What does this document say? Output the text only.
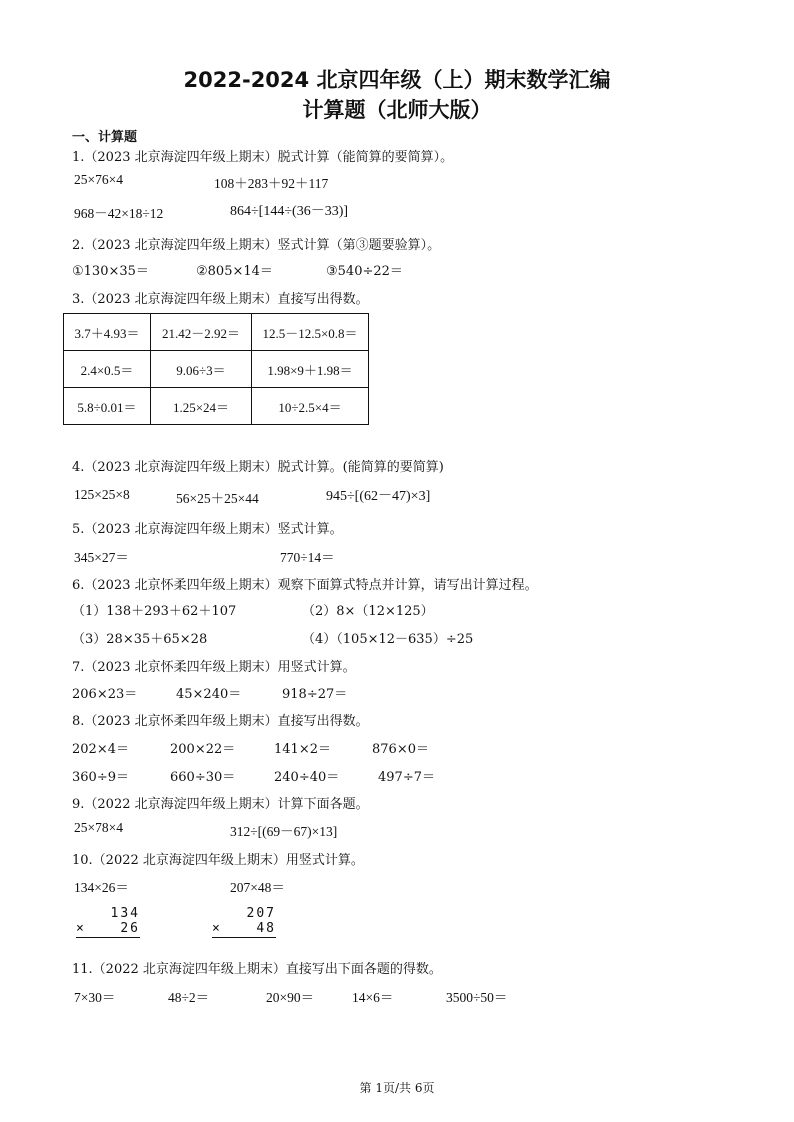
2022-2024 北京四年级（上）期末数学汇编
计算题（北师大版）
一、计算题
1.（2023 北京海淀四年级上期末）脱式计算（能简算的要简算）。
25×76×4	108＋283＋92＋117
968－42×18÷12	864÷[144÷(36－33)]
2.（2023 北京海淀四年级上期末）竖式计算（第③题要验算）。
①130×35＝	②805×14＝	③540÷22＝
3.（2023 北京海淀四年级上期末）直接写出得数。
3.7＋4.93＝	21.42－2.92＝	12.5－12.5×0.8＝
2.4×0.5＝	9.06÷3＝	1.98×9＋1.98＝
5.8÷0.01＝	1.25×24＝	10÷2.5×4＝
4.（2023 北京海淀四年级上期末）脱式计算。(能简算的要简算)
125×25×8	56×25＋25×44	945÷[(62－47)×3]
5.（2023 北京海淀四年级上期末）竖式计算。
345×27＝	770÷14＝
6.（2023 北京怀柔四年级上期末）观察下面算式特点并计算，请写出计算过程。
（1）138＋293＋62＋107	（2）8×（12×125）
（3）28×35＋65×28	（4）（105×12－635）÷25
7.（2023 北京怀柔四年级上期末）用竖式计算。
206×23＝	45×240＝	918÷27＝
8.（2023 北京怀柔四年级上期末）直接写出得数。
202×4＝	200×22＝	141×2＝	876×0＝
360÷9＝	660÷30＝	240÷40＝	497÷7＝
9.（2022 北京海淀四年级上期末）计算下面各题。
25×78×4	312÷[(69－67)×13]
10.（2022 北京海淀四年级上期末）用竖式计算。
134×26＝	207×48＝
134
×	26
207
×	48
11.（2022 北京海淀四年级上期末）直接写出下面各题的得数。
7×30＝	48÷2＝	20×90＝	14×6＝	3500÷50＝
第 1页/共 6页
